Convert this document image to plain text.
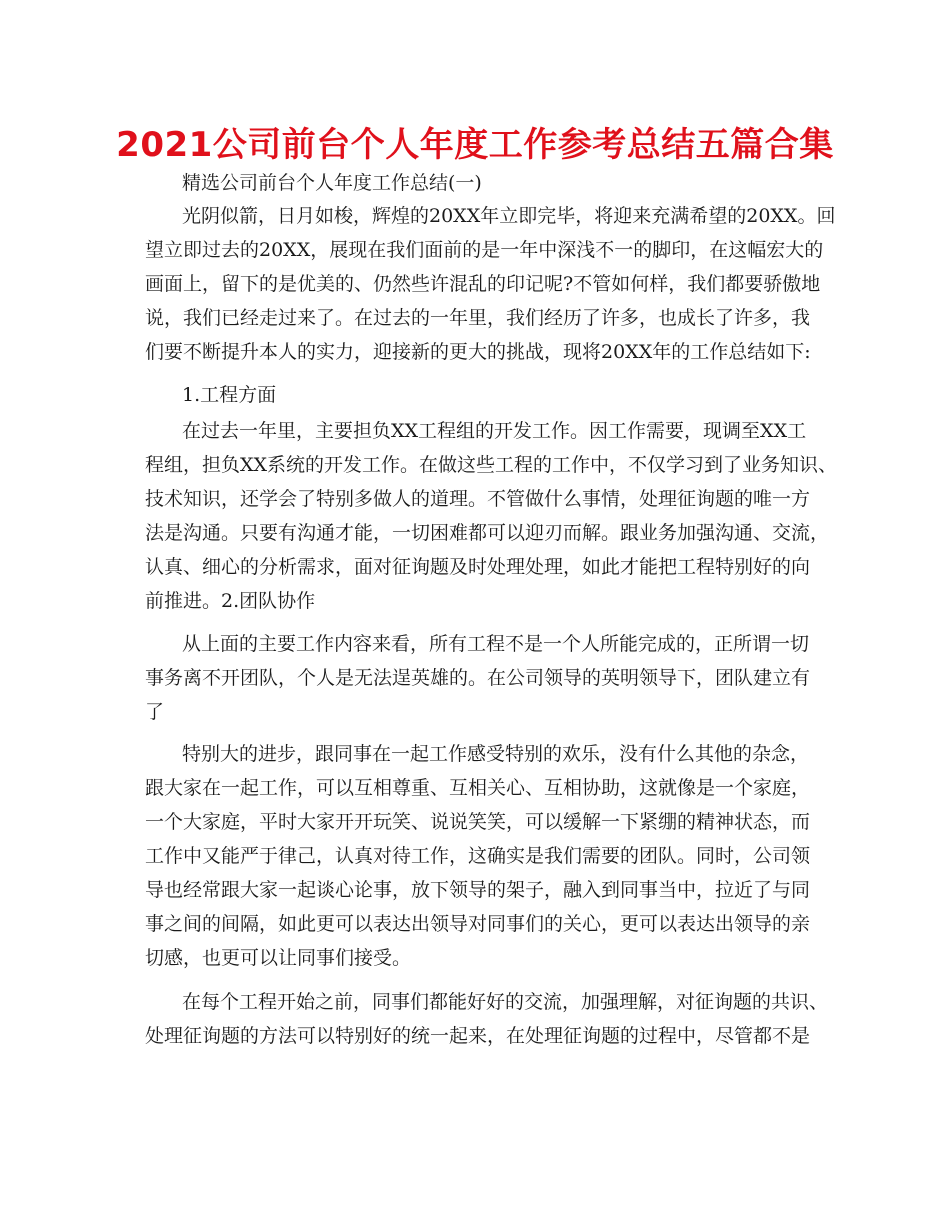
2021公司前台个人年度工作参考总结五篇合集
精选公司前台个人年度工作总结(一)
光阴似箭，日月如梭，辉煌的20XX年立即完毕，将迎来充满希望的20XX。回
望立即过去的20XX，展现在我们面前的是一年中深浅不一的脚印，在这幅宏大的
画面上，留下的是优美的、仍然些许混乱的印记呢?不管如何样，我们都要骄傲地
说，我们已经走过来了。在过去的一年里，我们经历了许多，也成长了许多，我
们要不断提升本人的实力，迎接新的更大的挑战，现将20XX年的工作总结如下:
1.工程方面
在过去一年里，主要担负XX工程组的开发工作。因工作需要，现调至XX工
程组，担负XX系统的开发工作。在做这些工程的工作中，不仅学习到了业务知识、
技术知识，还学会了特别多做人的道理。不管做什么事情，处理征询题的唯一方
法是沟通。只要有沟通才能，一切困难都可以迎刃而解。跟业务加强沟通、交流，
认真、细心的分析需求，面对征询题及时处理处理，如此才能把工程特别好的向
前推进。2.团队协作
从上面的主要工作内容来看，所有工程不是一个人所能完成的，正所谓一切
事务离不开团队，个人是无法逞英雄的。在公司领导的英明领导下，团队建立有
了
特别大的进步，跟同事在一起工作感受特别的欢乐，没有什么其他的杂念，
跟大家在一起工作，可以互相尊重、互相关心、互相协助，这就像是一个家庭，
一个大家庭，平时大家开开玩笑、说说笑笑，可以缓解一下紧绷的精神状态，而
工作中又能严于律己，认真对待工作，这确实是我们需要的团队。同时，公司领
导也经常跟大家一起谈心论事，放下领导的架子，融入到同事当中，拉近了与同
事之间的间隔，如此更可以表达出领导对同事们的关心，更可以表达出领导的亲
切感，也更可以让同事们接受。
在每个工程开始之前，同事们都能好好的交流，加强理解，对征询题的共识、
处理征询题的方法可以特别好的统一起来，在处理征询题的过程中，尽管都不是
